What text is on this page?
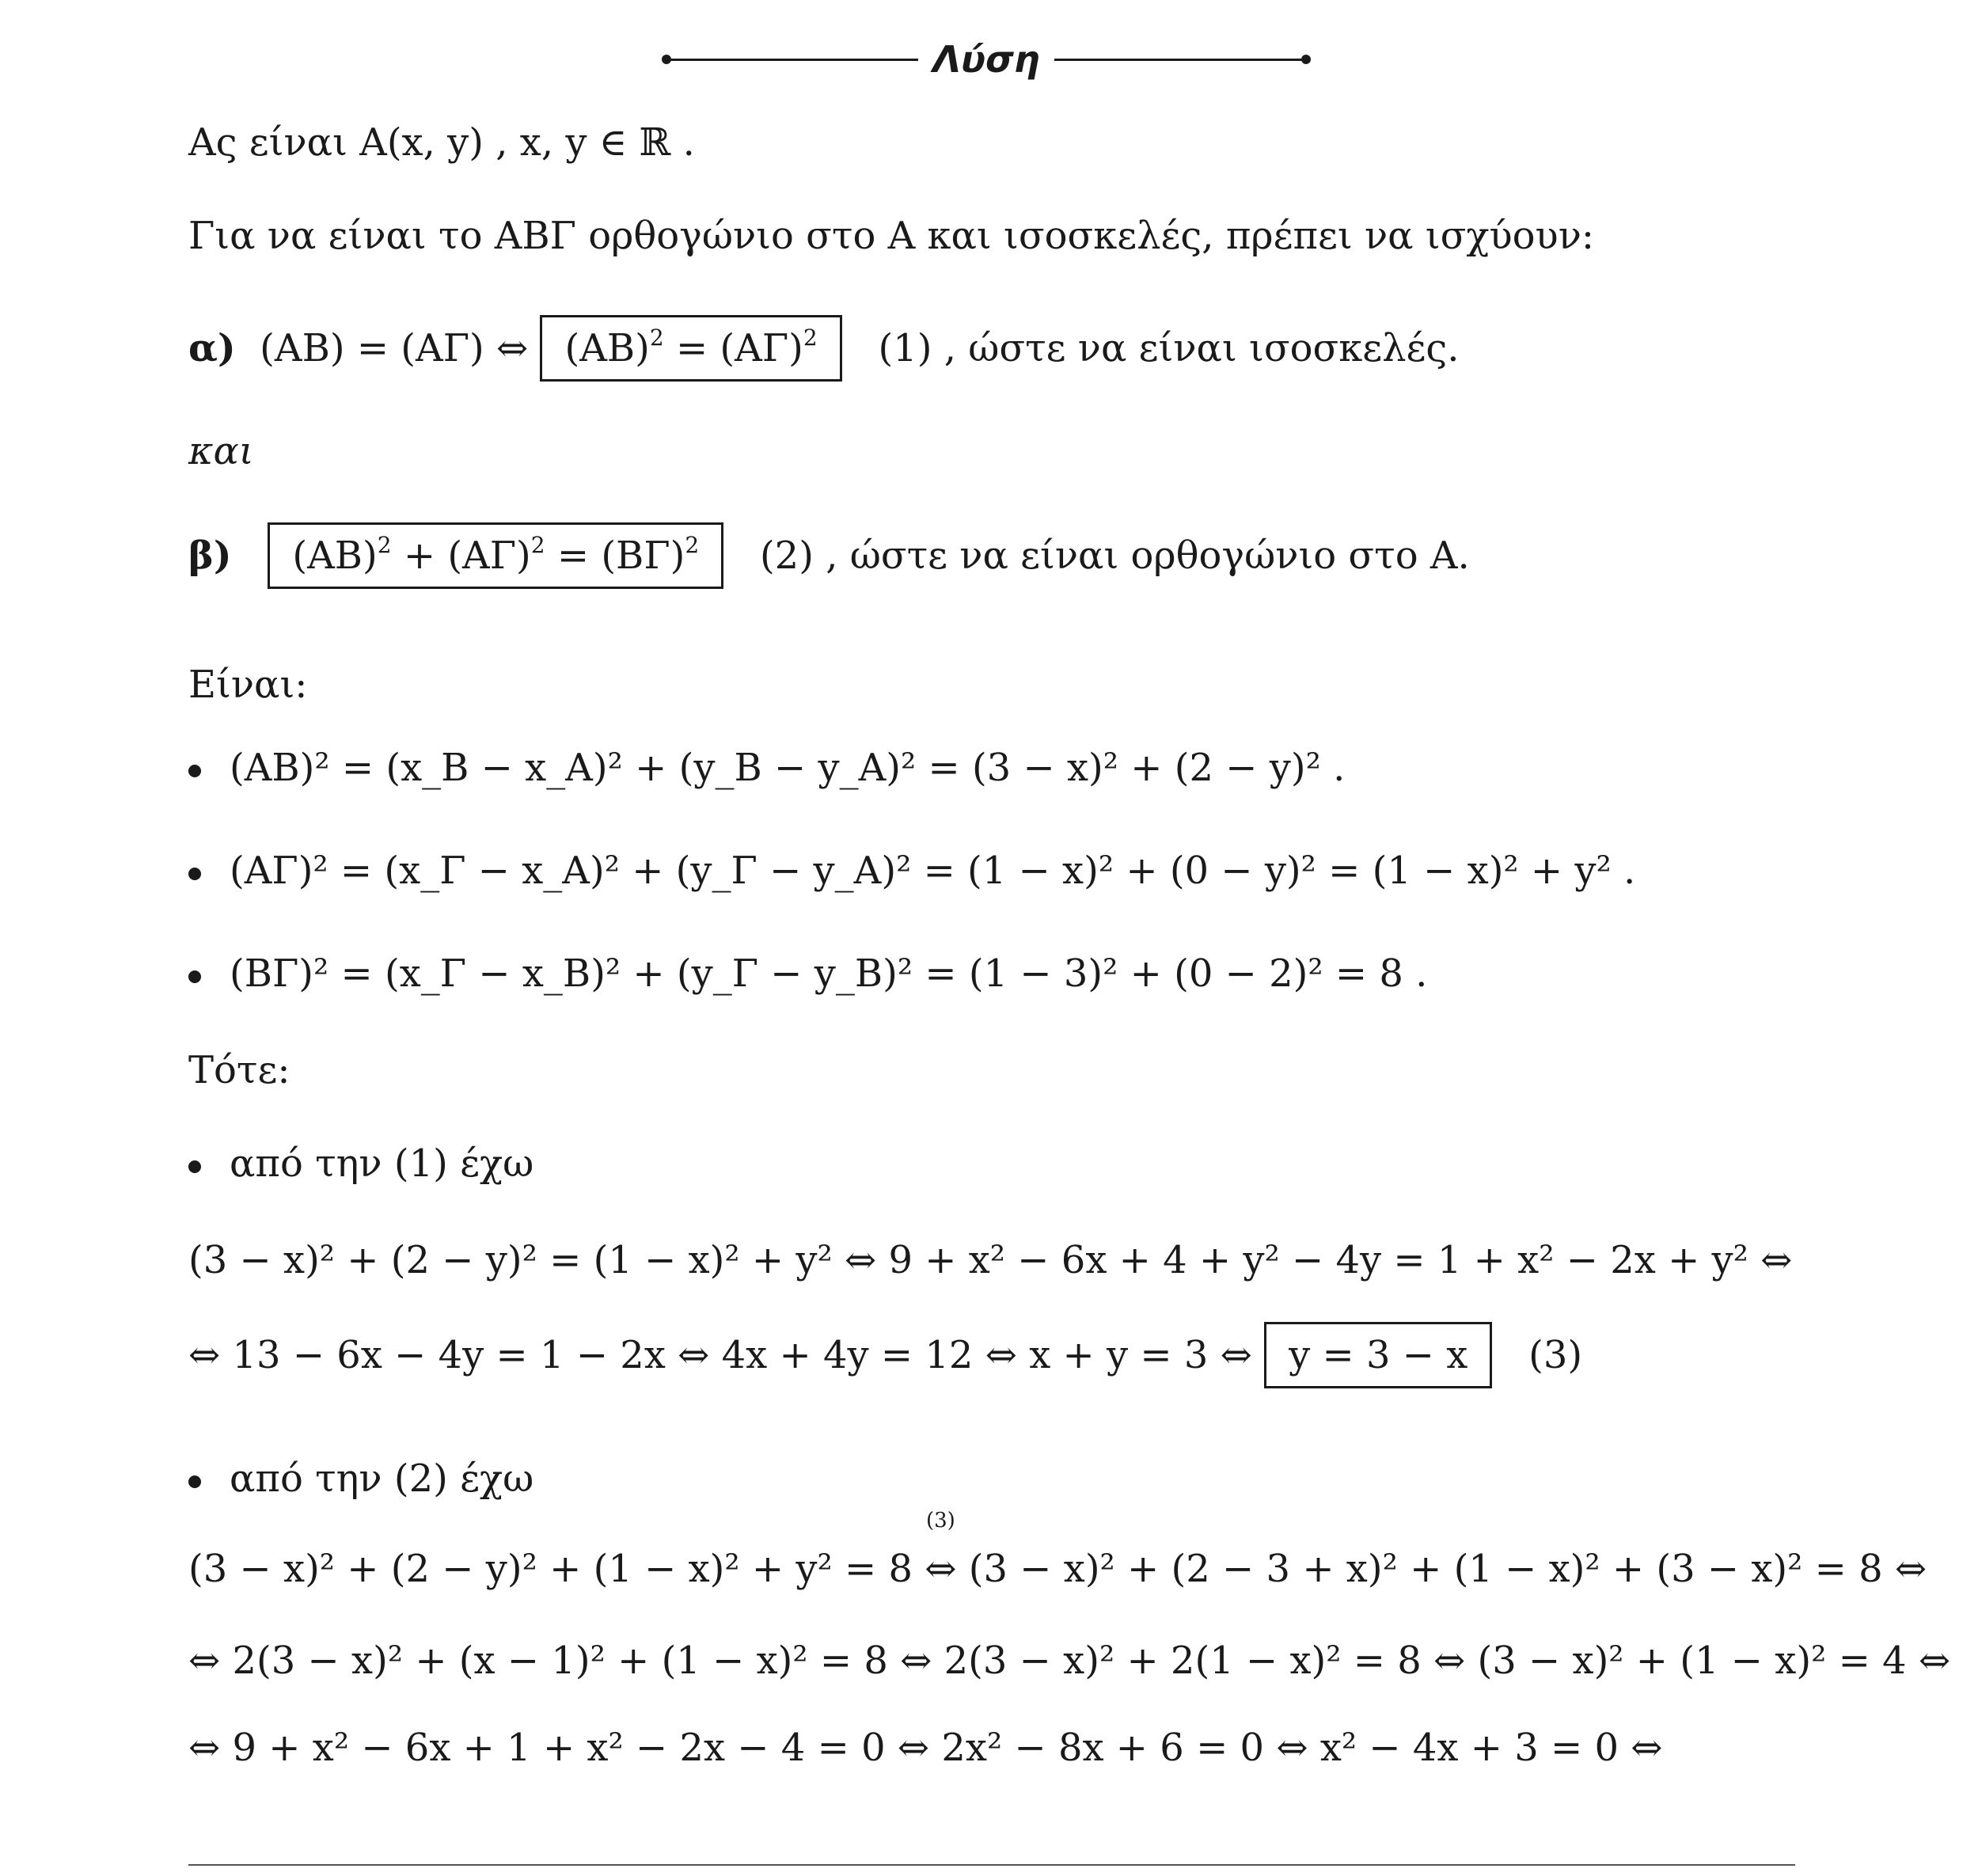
Λύση
Ας είναι A(x, y) , x, y ∈ ℝ .
Για να είναι το ΑΒΓ ορθογώνιο στο Α και ισοσκελές, πρέπει να ισχύουν:
α) (AB) = (AΓ) ⇔ $(AB)^2 = (A\Gamma)^2$ (1) , ώστε να είναι ισοσκελές.
και
β) $(AB)^2 + (A\Gamma)^2 = (B\Gamma)^2$ (2) , ώστε να είναι ορθογώνιο στο Α.
Είναι:
(AB)² = (x_B − x_A)² + (y_B − y_A)² = (3 − x)² + (2 − y)² .
(AΓ)² = (x_Γ − x_A)² + (y_Γ − y_A)² = (1 − x)² + (0 − y)² = (1 − x)² + y² .
(BΓ)² = (x_Γ − x_B)² + (y_Γ − y_B)² = (1 − 3)² + (0 − 2)² = 8 .
Τότε:
από την (1) έχω
(3 − x)² + (2 − y)² = (1 − x)² + y² ⇔ 9 + x² − 6x + 4 + y² − 4y = 1 + x² − 2x + y² ⇔
⇔ 13 − 6x − 4y = 1 − 2x ⇔ 4x + 4y = 12 ⇔ x + y = 3 ⇔ y = 3 − x (3)
από την (2) έχω
(3 − x)² + (2 − y)² + (1 − x)² + y² = 8
(3)
⇔ (3 − x)² + (2 − 3 + x)² + (1 − x)² + (3 − x)² = 8 ⇔
⇔ 2(3 − x)² + (x − 1)² + (1 − x)² = 8 ⇔ 2(3 − x)² + 2(1 − x)² = 8 ⇔ (3 − x)² + (1 − x)² = 4 ⇔
⇔ 9 + x² − 6x + 1 + x² − 2x − 4 = 0 ⇔ 2x² − 8x + 6 = 0 ⇔ x² − 4x + 3 = 0 ⇔
